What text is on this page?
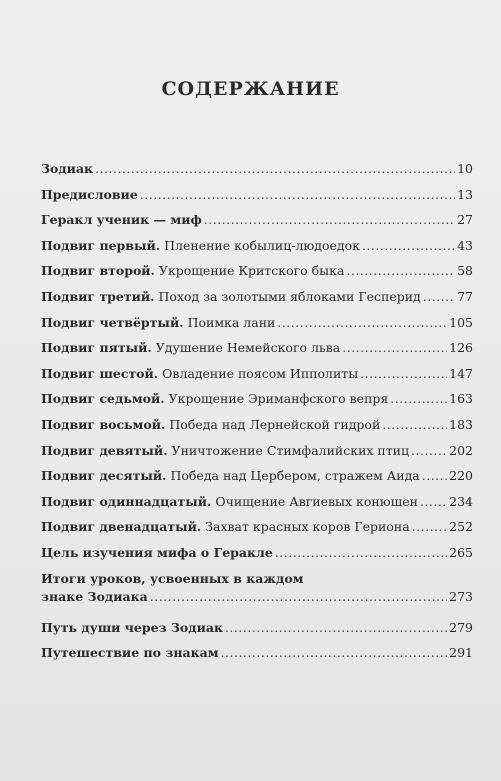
СОДЕРЖАНИЕ
Зодиак .....	10
Предисловие .....	13
Геракл ученик — миф .....	27
Подвиг первый. Пленение кобылиц-людоедок .....	43
Подвиг второй. Укрощение Критского быка .....	58
Подвиг третий. Поход за золотыми яблоками Гесперид .....	77
Подвиг четвёртый. Поимка лани .....	105
Подвиг пятый. Удушение Немейского льва .....	126
Подвиг шестой. Овладение поясом Ипполиты .....	147
Подвиг седьмой. Укрощение Эриманфского вепря .....	163
Подвиг восьмой. Победа над Лернейской гидрой .....	183
Подвиг девятый. Уничтожение Стимфалийских птиц .....	202
Подвиг десятый. Победа над Цербером, стражем Аида ..... 220
Подвиг одиннадцатый. Очищение Авгиевых конюшен ..... 234
Подвиг двенадцатый. Захват красных коров Гериона .....	252
Цель изучения мифа о Геракле .....	265
Итоги уроков, усвоенных в каждом
знаке Зодиака .....	273
Путь души через Зодиак .....	279
Путешествие по знакам .....	291
